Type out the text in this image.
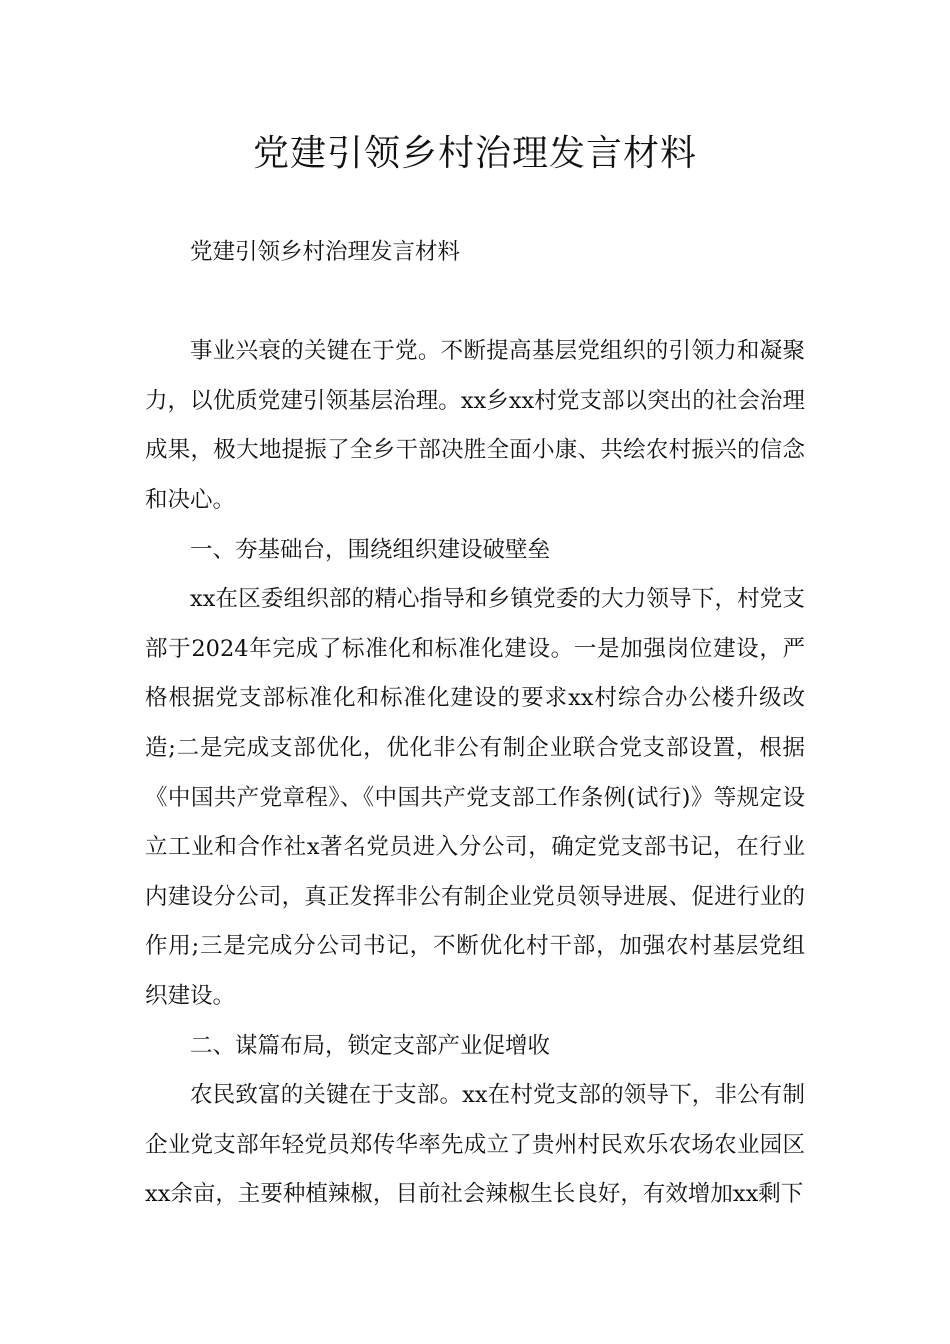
党建引领乡村治理发言材料

党建引领乡村治理发言材料

事业兴衰的关键在于党。不断提高基层党组织的引领力和凝聚力，以优质党建引领基层治理。xx乡xx村党支部以突出的社会治理成果，极大地提振了全乡干部决胜全面小康、共绘农村振兴的信念和决心。

一、夯基础台，围绕组织建设破壁垒

xx在区委组织部的精心指导和乡镇党委的大力领导下，村党支部于2024年完成了标准化和标准化建设。一是加强岗位建设，严格根据党支部标准化和标准化建设的要求xx村综合办公楼升级改造;二是完成支部优化，优化非公有制企业联合党支部设置，根据《中国共产党章程》、《中国共产党支部工作条例(试行)》等规定设立工业和合作社x著名党员进入分公司，确定党支部书记，在行业内建设分公司，真正发挥非公有制企业党员领导进展、促进行业的作用;三是完成分公司书记，不断优化村干部，加强农村基层党组织建设。

二、谋篇布局，锁定支部产业促增收

农民致富的关键在于支部。xx在村党支部的领导下，非公有制企业党支部年轻党员郑传华率先成立了贵州村民欢乐农场农业园区xx余亩，主要种植辣椒，目前社会辣椒生长良好，有效增加xx剩下
